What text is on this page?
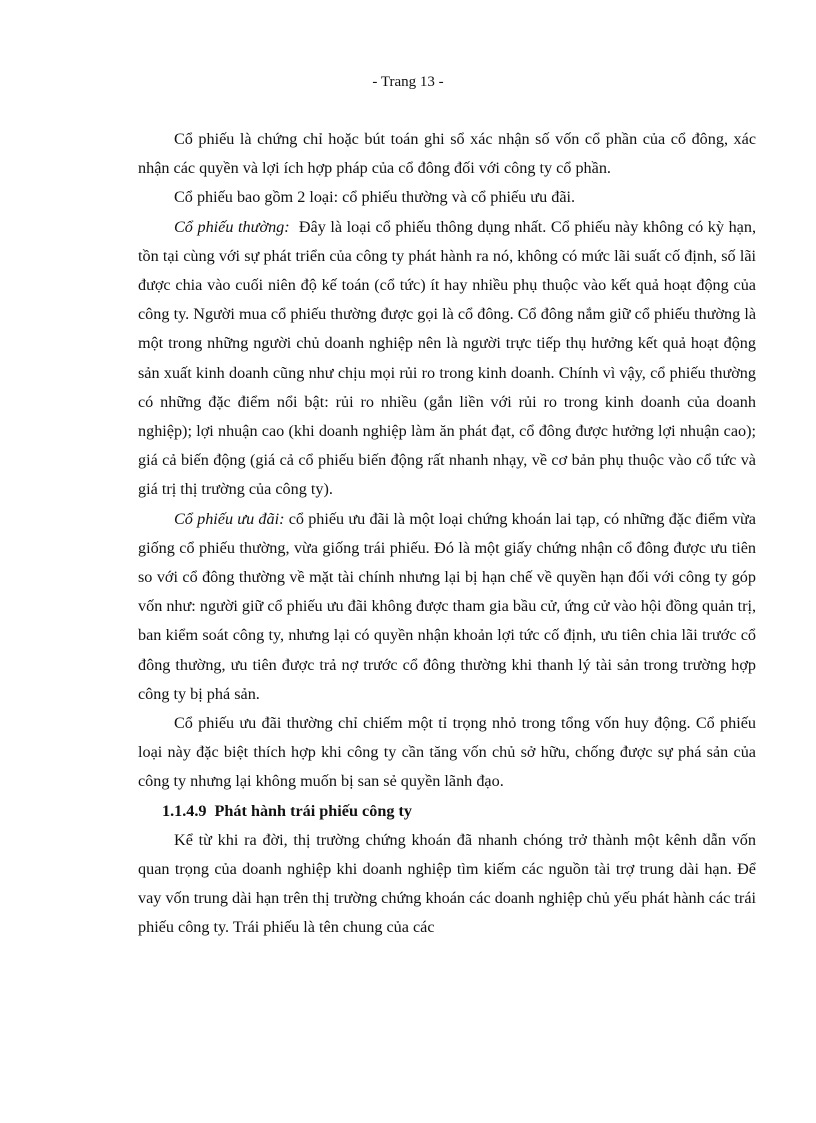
- Trang 13 -

Cổ phiếu là chứng chỉ hoặc bút toán ghi sổ xác nhận số vốn cổ phần của cổ đông, xác nhận các quyền và lợi ích hợp pháp của cổ đông đối với công ty cổ phần.

Cổ phiếu bao gồm 2 loại: cổ phiếu thường và cổ phiếu ưu đãi.

Cổ phiếu thường: Đây là loại cổ phiếu thông dụng nhất. Cổ phiếu này không có kỳ hạn, tồn tại cùng với sự phát triển của công ty phát hành ra nó, không có mức lãi suất cố định, số lãi được chia vào cuối niên độ kế toán (cổ tức) ít hay nhiều phụ thuộc vào kết quả hoạt động của công ty. Người mua cổ phiếu thường được gọi là cổ đông. Cổ đông nắm giữ cổ phiếu thường là một trong những người chủ doanh nghiệp nên là người trực tiếp thụ hưởng kết quả hoạt động sản xuất kinh doanh cũng như chịu mọi rủi ro trong kinh doanh. Chính vì vậy, cổ phiếu thường có những đặc điểm nổi bật: rủi ro nhiều (gắn liền với rủi ro trong kinh doanh của doanh nghiệp); lợi nhuận cao (khi doanh nghiệp làm ăn phát đạt, cổ đông được hưởng lợi nhuận cao); giá cả biến động (giá cả cổ phiếu biến động rất nhanh nhạy, về cơ bản phụ thuộc vào cổ tức và giá trị thị trường của công ty).

Cổ phiếu ưu đãi: cổ phiếu ưu đãi là một loại chứng khoán lai tạp, có những đặc điểm vừa giống cổ phiếu thường, vừa giống trái phiếu. Đó là một giấy chứng nhận cổ đông được ưu tiên so với cổ đông thường về mặt tài chính nhưng lại bị hạn chế về quyền hạn đối với công ty góp vốn như: người giữ cổ phiếu ưu đãi không được tham gia bầu cử, ứng cử vào hội đồng quản trị, ban kiểm soát công ty, nhưng lại có quyền nhận khoản lợi tức cố định, ưu tiên chia lãi trước cổ đông thường, ưu tiên được trả nợ trước cổ đông thường khi thanh lý tài sản trong trường hợp công ty bị phá sản.

Cổ phiếu ưu đãi thường chỉ chiếm một tỉ trọng nhỏ trong tổng vốn huy động. Cổ phiếu loại này đặc biệt thích hợp khi công ty cần tăng vốn chủ sở hữu, chống được sự phá sản của công ty nhưng lại không muốn bị san sẻ quyền lãnh đạo.

1.1.4.9 Phát hành trái phiếu công ty

Kể từ khi ra đời, thị trường chứng khoán đã nhanh chóng trở thành một kênh dẫn vốn quan trọng của doanh nghiệp khi doanh nghiệp tìm kiếm các nguồn tài trợ trung dài hạn. Để vay vốn trung dài hạn trên thị trường chứng khoán các doanh nghiệp chủ yếu phát hành các trái phiếu công ty. Trái phiếu là tên chung của các
